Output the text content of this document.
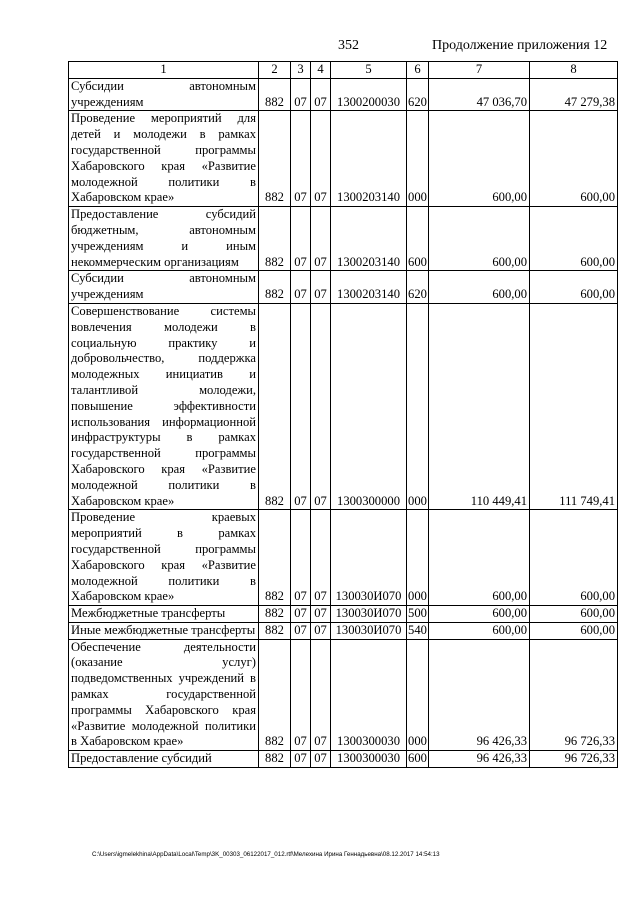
352	Продолжение приложения 12
1	2	3	4	5	6	7	8
Субсидии автономным учреждениям	882	07	07	1300200030	620	47 036,70	47 279,38
Проведение мероприятий для детей и молодежи в рамках государственной программы Хабаровского края «Развитие молодежной политики в Хабаровском крае»	882	07	07	1300203140	000	600,00	600,00
Предоставление субсидий бюджетным, автономным учреждениям и иным некоммерческим организациям	882	07	07	1300203140	600	600,00	600,00
Субсидии автономным учреждениям	882	07	07	1300203140	620	600,00	600,00
Совершенствование системы вовлечения молодежи в социальную практику и добровольчество, поддержка молодежных инициатив и талантливой молодежи, повышение эффективности использования информационной инфраструктуры в рамках государственной программы Хабаровского края «Развитие молодежной политики в Хабаровском крае»	882	07	07	1300300000	000	110 449,41	111 749,41
Проведение краевых мероприятий в рамках государственной программы Хабаровского края «Развитие молодежной политики в Хабаровском крае»	882	07	07	130030И070	000	600,00	600,00
Межбюджетные трансферты	882	07	07	130030И070	500	600,00	600,00
Иные межбюджетные трансферты	882	07	07	130030И070	540	600,00	600,00
Обеспечение деятельности (оказание услуг) подведомственных учреждений в рамках государственной программы Хабаровского края «Развитие молодежной политики в Хабаровском крае»	882	07	07	1300300030	000	96 426,33	96 726,33
Предоставление субсидий	882	07	07	1300300030	600	96 426,33	96 726,33
C:\Users\igmelekhina\AppData\Local\Temp\3K_00303_06122017_012.rtf\Мелехина Ирина Геннадьевна\08.12.2017 14:54:13
